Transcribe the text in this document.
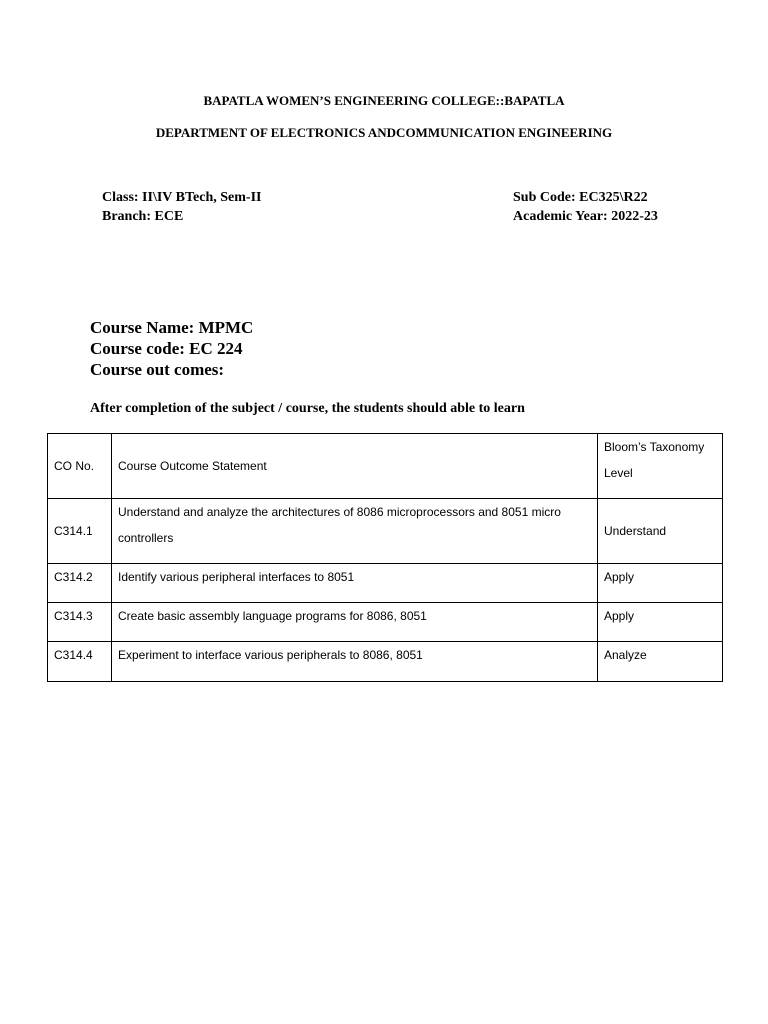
BAPATLA WOMEN’S ENGINEERING COLLEGE::BAPATLA
DEPARTMENT OF ELECTRONICS ANDCOMMUNICATION ENGINEERING
Class: II\IV BTech, Sem-II
Branch: ECE
Sub Code: EC325\R22
Academic Year: 2022-23
Course Name: MPMC
Course code: EC 224
Course out comes:
After completion of the subject / course, the students should able to learn
CO No.	Course Outcome Statement	Bloom’s Taxonomy Level
C314.1	Understand and analyze the architectures of 8086 microprocessors and 8051 micro controllers	Understand
C314.2	Identify various peripheral interfaces to 8051	Apply
C314.3	Create basic assembly language programs for 8086, 8051	Apply
C314.4	Experiment to interface various peripherals to 8086, 8051	Analyze
